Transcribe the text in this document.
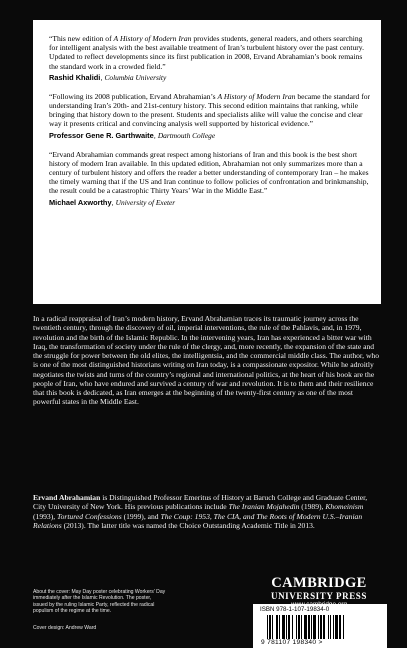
“This new edition of A History of Modern Iran provides students, general readers, and others searching for intelligent analysis with the best available treatment of Iran’s turbulent history over the past century. Updated to reflect developments since its first publication in 2008, Ervand Abrahamian’s book remains the standard work in a crowded field.”

Rashid Khalidi, Columbia University

“Following its 2008 publication, Ervand Abrahamian’s A History of Modern Iran became the standard for understanding Iran’s 20th- and 21st-century history. This second edition maintains that ranking, while bringing that history down to the present. Students and specialists alike will value the concise and clear way it presents critical and convincing analysis well supported by historical evidence.”

Professor Gene R. Garthwaite, Dartmouth College

“Ervand Abrahamian commands great respect among historians of Iran and this book is the best short history of modern Iran available. In this updated edition, Abrahamian not only summarizes more than a century of turbulent history and offers the reader a better understanding of contemporary Iran – he makes the timely warning that if the US and Iran continue to follow policies of confrontation and brinkmanship, the result could be a catastrophic Thirty Years’ War in the Middle East.”

Michael Axworthy, University of Exeter

In a radical reappraisal of Iran’s modern history, Ervand Abrahamian traces its traumatic journey across the twentieth century, through the discovery of oil, imperial interventions, the rule of the Pahlavis, and, in 1979, revolution and the birth of the Islamic Republic. In the intervening years, Iran has experienced a bitter war with Iraq, the transformation of society under the rule of the clergy, and, more recently, the expansion of the state and the struggle for power between the old elites, the intelligentsia, and the commercial middle class. The author, who is one of the most distinguished historians writing on Iran today, is a compassionate expositor. While he adroitly negotiates the twists and turns of the country’s regional and international politics, at the heart of his book are the people of Iran, who have endured and survived a century of war and revolution. It is to them and their resilience that this book is dedicated, as Iran emerges at the beginning of the twenty-first century as one of the most powerful states in the Middle East.

Ervand Abrahamian is Distinguished Professor Emeritus of History at Baruch College and Graduate Center, City University of New York. His previous publications include The Iranian Mojahedin (1989), Khomeinism (1993), Tortured Confessions (1999), and The Coup: 1953, The CIA, and The Roots of Modern U.S.–Iranian Relations (2013). The latter title was named the Choice Outstanding Academic Title in 2013.

CAMBRIDGE
UNIVERSITY PRESS

About the cover: May Day poster celebrating Workers’ Day immediately after the Islamic Revolution. The poster, issued by the ruling Islamic Party, reflected the radical populism of the regime at the time.

Cover design: Andrew Ward

ISBN 978-1-107-19834-0
9 781107 198340 >
